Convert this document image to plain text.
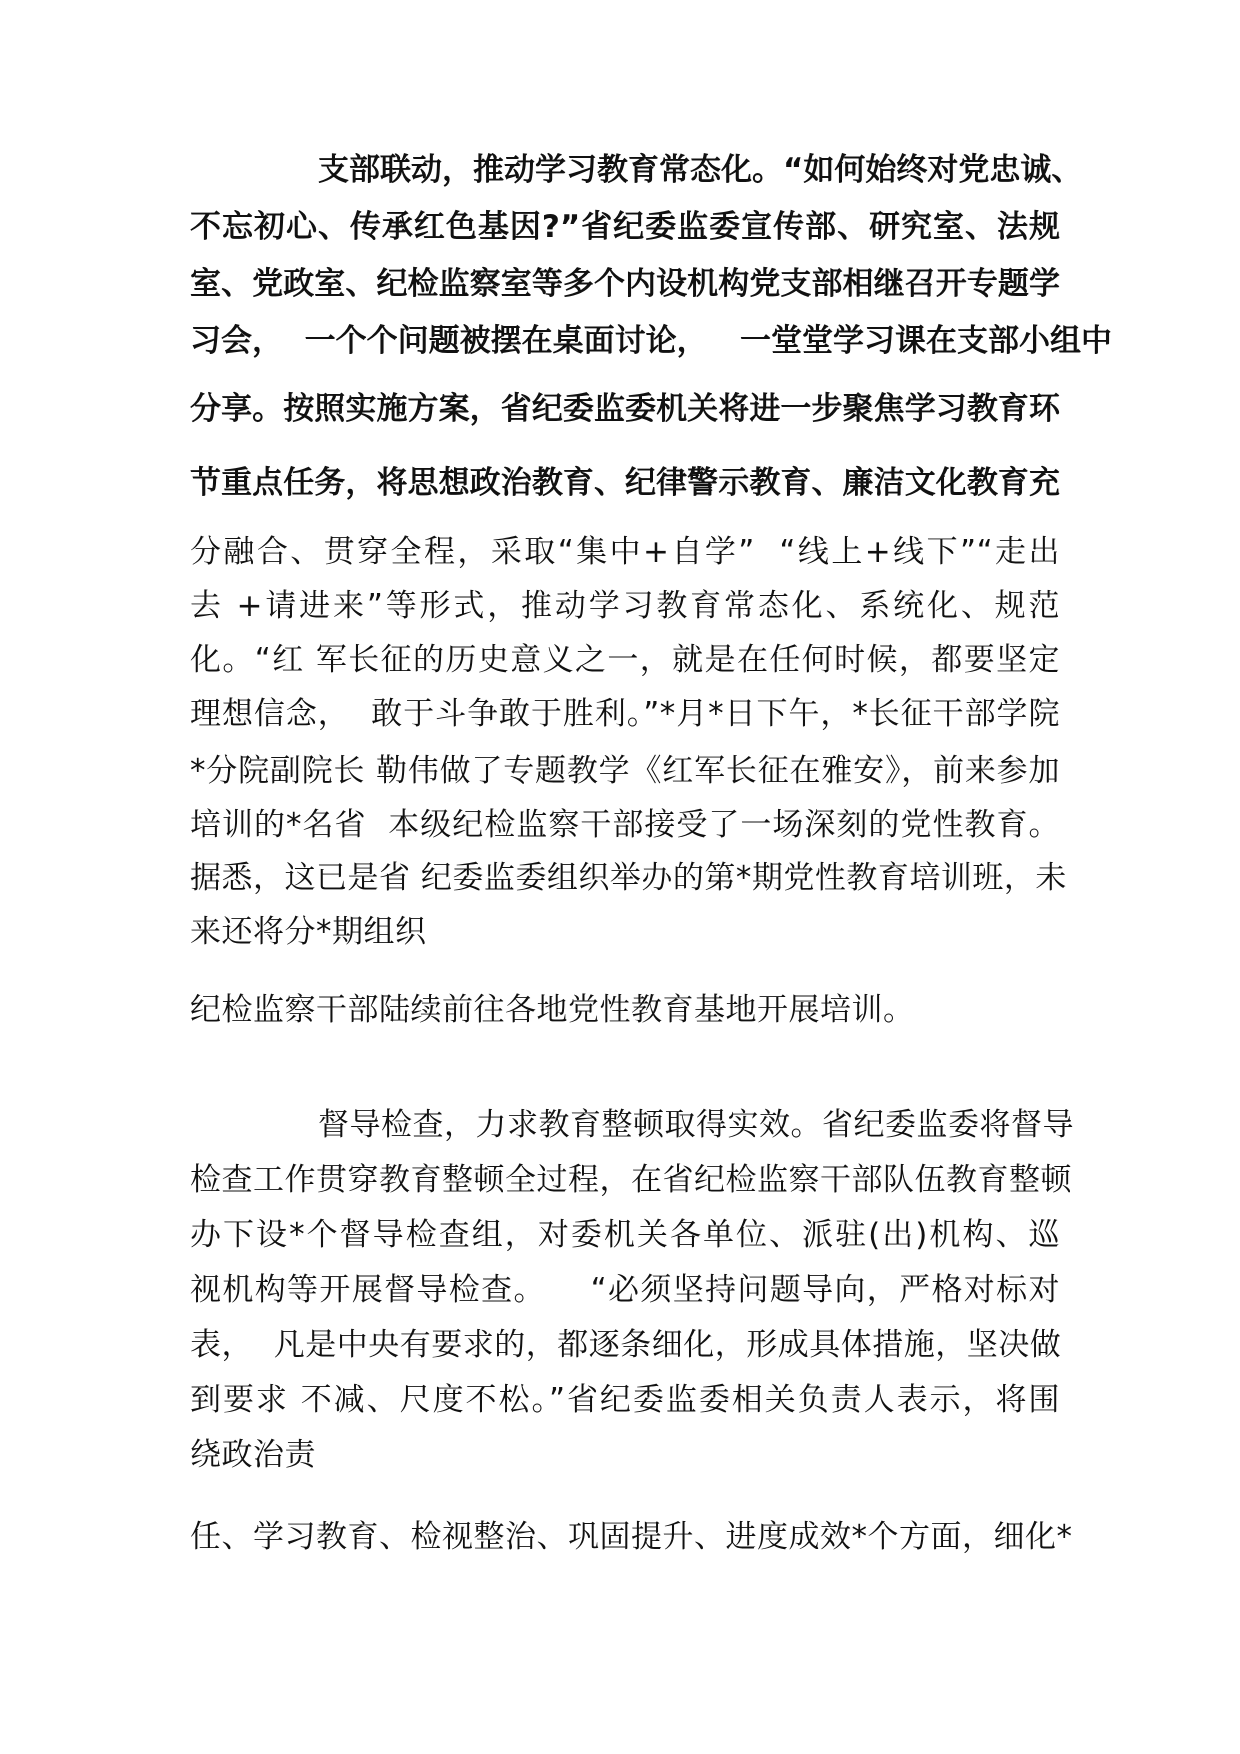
支部联动，推动学习教育常态化。“如何始终对党忠诚、
不忘初心、传承红色基因?”省纪委监委宣传部、研究室、法规
室、党政室、纪检监察室等多个内设机构党支部相继召开专题学
习会，  一个个问题被摆在桌面讨论，   一堂堂学习课在支部小组中
分享。按照实施方案，省纪委监委机关将进一步聚焦学习教育环
节重点任务，将思想政治教育、纪律警示教育、廉洁文化教育充
分融合、贯穿全程，采取“集中+自学”  “线上+线下”“走出
去 +请进来”等形式，推动学习教育常态化、系统化、规范
化。“红 军长征的历史意义之一，就是在任何时候，都要坚定
理想信念，  敢于斗争敢于胜利。”*月*日下午，*长征干部学院
*分院副院长 勒伟做了专题教学《红军长征在雅安》，前来参加
培训的*名省  本级纪检监察干部接受了一场深刻的党性教育。
据悉，这已是省 纪委监委组织举办的第*期党性教育培训班，未
来还将分*期组织
纪检监察干部陆续前往各地党性教育基地开展培训。
督导检查，力求教育整顿取得实效。省纪委监委将督导
检查工作贯穿教育整顿全过程，在省纪检监察干部队伍教育整顿
办下设*个督导检查组，对委机关各单位、派驻(出)机构、巡
视机构等开展督导检查。    “必须坚持问题导向，严格对标对
表，  凡是中央有要求的，都逐条细化，形成具体措施，坚决做
到要求 不减、尺度不松。”省纪委监委相关负责人表示，将围
绕政治责
任、学习教育、检视整治、巩固提升、进度成效*个方面，细化*
